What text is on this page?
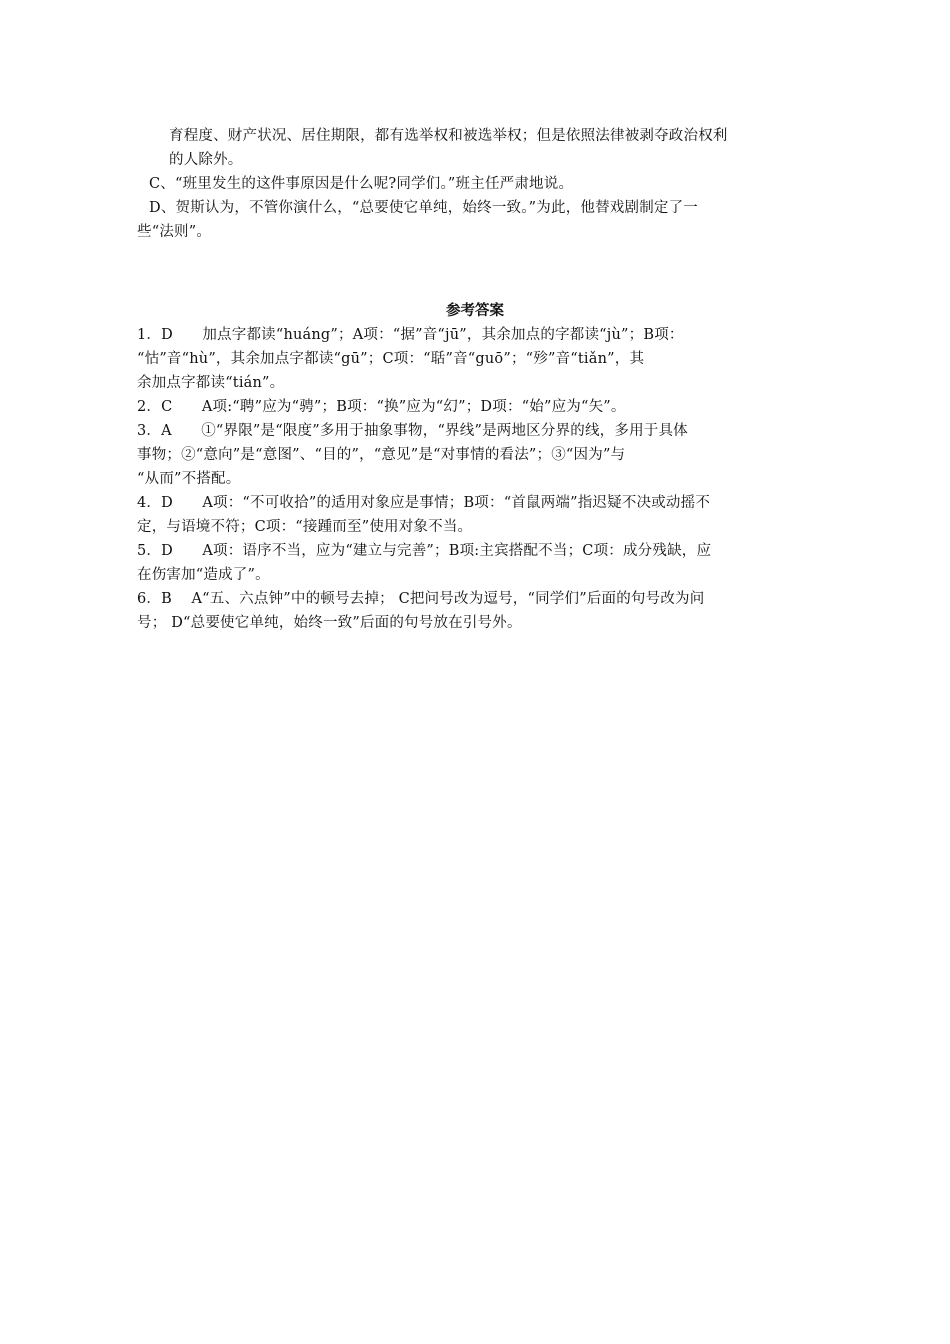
育程度、财产状况、居住期限，都有选举权和被选举权；但是依照法律被剥夺政治权利
的人除外。
C、“班里发生的这件事原因是什么呢?同学们。”班主任严肃地说。
D、贺斯认为，不管你演什么，“总要使它单纯，始终一致。”为此，他替戏剧制定了一
些“法则”。
参考答案
1．D　　加点字都读“huáng”；A项：“据”音“jū”，其余加点的字都读“jù”；B项：
“怙”音“hù”，其余加点字都读“gū”；C项：“聒”音“guō”；“殄”音“tiǎn”，其
余加点字都读“tián”。
2．C　　A项:“聘”应为“骋”；B项：“换”应为“幻”；D项：“始”应为“矢”。
3．A　　①“界限”是“限度”多用于抽象事物，“界线”是两地区分界的线，多用于具体
事物；②“意向”是“意图”、“目的”，“意见”是“对事情的看法”；③“因为”与
“从而”不搭配。
4．D　　A项：“不可收拾”的适用对象应是事情；B项：“首鼠两端”指迟疑不决或动摇不
定，与语境不符；C项：“接踵而至”使用对象不当。
5．D　　A项：语序不当，应为“建立与完善”；B项:主宾搭配不当；C项：成分残缺，应
在伤害加“造成了”。
6．B　 A“五、六点钟”中的顿号去掉； C把问号改为逗号，“同学们”后面的句号改为问
号； D“总要使它单纯，始终一致”后面的句号放在引号外。
